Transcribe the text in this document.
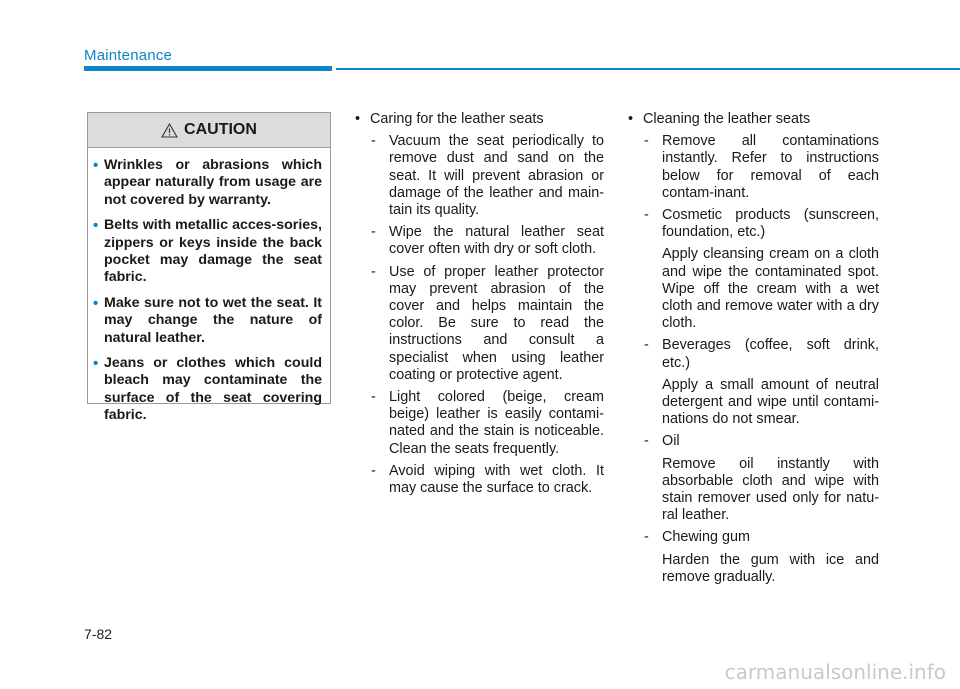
Maintenance
CAUTION
• Wrinkles or abrasions which appear naturally from usage are not covered by warranty.
• Belts with metallic acces-sories, zippers or keys inside the back pocket may damage the seat fabric.
• Make sure not to wet the seat. It may change the nature of natural leather.
• Jeans or clothes which could bleach may contaminate the surface of the seat covering fabric.
• Caring for the leather seats
- Vacuum the seat periodically to remove dust and sand on the seat. It will prevent abrasion or damage of the leather and main-tain its quality.
- Wipe the natural leather seat cover often with dry or soft cloth.
- Use of proper leather protector may prevent abrasion of the cover and helps maintain the color. Be sure to read the instructions and consult a specialist when using leather coating or protective agent.
- Light colored (beige, cream beige) leather is easily contami-nated and the stain is noticeable. Clean the seats frequently.
- Avoid wiping with wet cloth. It may cause the surface to crack.
• Cleaning the leather seats
- Remove all contaminations instantly. Refer to instructions below for removal of each contam-inant.
- Cosmetic products (sunscreen, foundation, etc.)
Apply cleansing cream on a cloth and wipe the contaminated spot. Wipe off the cream with a wet cloth and remove water with a dry cloth.
- Beverages (coffee, soft drink, etc.)
Apply a small amount of neutral detergent and wipe until contami-nations do not smear.
- Oil
Remove oil instantly with absorbable cloth and wipe with stain remover used only for natu-ral leather.
- Chewing gum
Harden the gum with ice and remove gradually.
7-82
carmanualsonline.info
